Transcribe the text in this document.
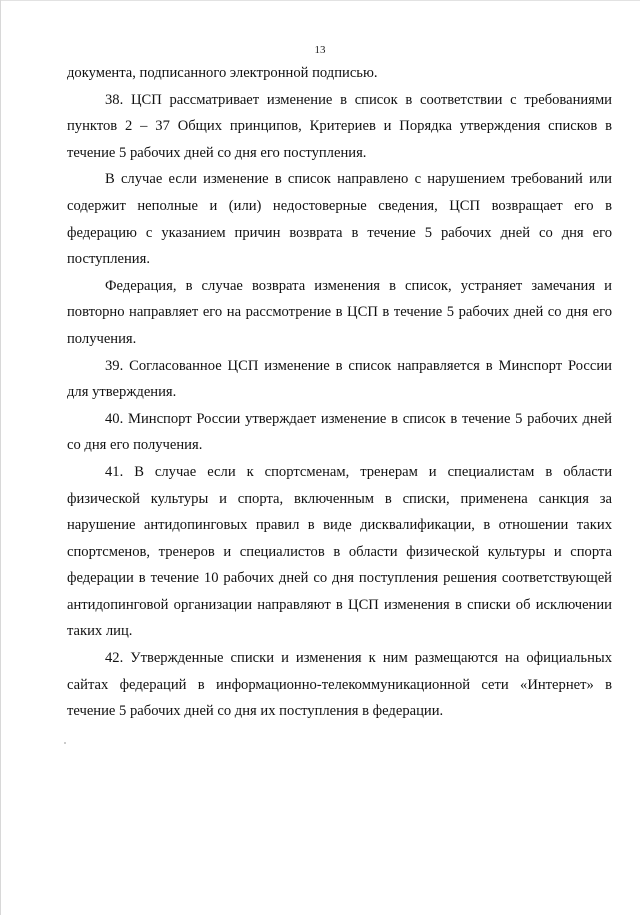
13

документа, подписанного электронной подписью.

38. ЦСП рассматривает изменение в список в соответствии с требованиями пунктов 2 – 37 Общих принципов, Критериев и Порядка утверждения списков в течение 5 рабочих дней со дня его поступления.

В случае если изменение в список направлено с нарушением требований или содержит неполные и (или) недостоверные сведения, ЦСП возвращает его в федерацию с указанием причин возврата в течение 5 рабочих дней со дня его поступления.

Федерация, в случае возврата изменения в список, устраняет замечания и повторно направляет его на рассмотрение в ЦСП в течение 5 рабочих дней со дня его получения.

39. Согласованное ЦСП изменение в список направляется в Минспорт России для утверждения.

40. Минспорт России утверждает изменение в список в течение 5 рабочих дней со дня его получения.

41. В случае если к спортсменам, тренерам и специалистам в области физической культуры и спорта, включенным в списки, применена санкция за нарушение антидопинговых правил в виде дисквалификации, в отношении таких спортсменов, тренеров и специалистов в области физической культуры и спорта федерации в течение 10 рабочих дней со дня поступления решения соответствующей антидопинговой организации направляют в ЦСП изменения в списки об исключении таких лиц.

42. Утвержденные списки и изменения к ним размещаются на официальных сайтах федераций в информационно-телекоммуникационной сети «Интернет» в течение 5 рабочих дней со дня их поступления в федерации.
